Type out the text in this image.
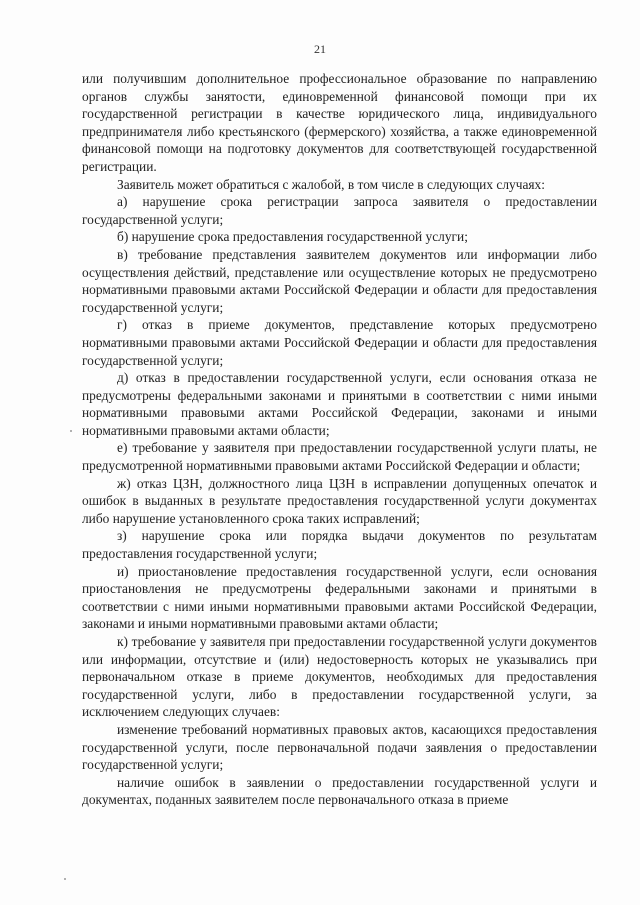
21

или получившим дополнительное профессиональное образование по направлению органов службы занятости, единовременной финансовой помощи при их государственной регистрации в качестве юридического лица, индивидуального предпринимателя либо крестьянского (фермерского) хозяйства, а также единовременной финансовой помощи на подготовку документов для соответствующей государственной регистрации.

Заявитель может обратиться с жалобой, в том числе в следующих случаях:

а) нарушение срока регистрации запроса заявителя о предоставлении государственной услуги;

б) нарушение срока предоставления государственной услуги;

в) требование представления заявителем документов или информации либо осуществления действий, представление или осуществление которых не предусмотрено нормативными правовыми актами Российской Федерации и области для предоставления государственной услуги;

г) отказ в приеме документов, представление которых предусмотрено нормативными правовыми актами Российской Федерации и области для предоставления государственной услуги;

д) отказ в предоставлении государственной услуги, если основания отказа не предусмотрены федеральными законами и принятыми в соответствии с ними иными нормативными правовыми актами Российской Федерации, законами и иными нормативными правовыми актами области;

е) требование у заявителя при предоставлении государственной услуги платы, не предусмотренной нормативными правовыми актами Российской Федерации и области;

ж) отказ ЦЗН, должностного лица ЦЗН в исправлении допущенных опечаток и ошибок в выданных в результате предоставления государственной услуги документах либо нарушение установленного срока таких исправлений;

з) нарушение срока или порядка выдачи документов по результатам предоставления государственной услуги;

и) приостановление предоставления государственной услуги, если основания приостановления не предусмотрены федеральными законами и принятыми в соответствии с ними иными нормативными правовыми актами Российской Федерации, законами и иными нормативными правовыми актами области;

к) требование у заявителя при предоставлении государственной услуги документов или информации, отсутствие и (или) недостоверность которых не указывались при первоначальном отказе в приеме документов, необходимых для предоставления государственной услуги, либо в предоставлении государственной услуги, за исключением следующих случаев:

изменение требований нормативных правовых актов, касающихся предоставления государственной услуги, после первоначальной подачи заявления о предоставлении государственной услуги;

наличие ошибок в заявлении о предоставлении государственной услуги и документах, поданных заявителем после первоначального отказа в приеме
